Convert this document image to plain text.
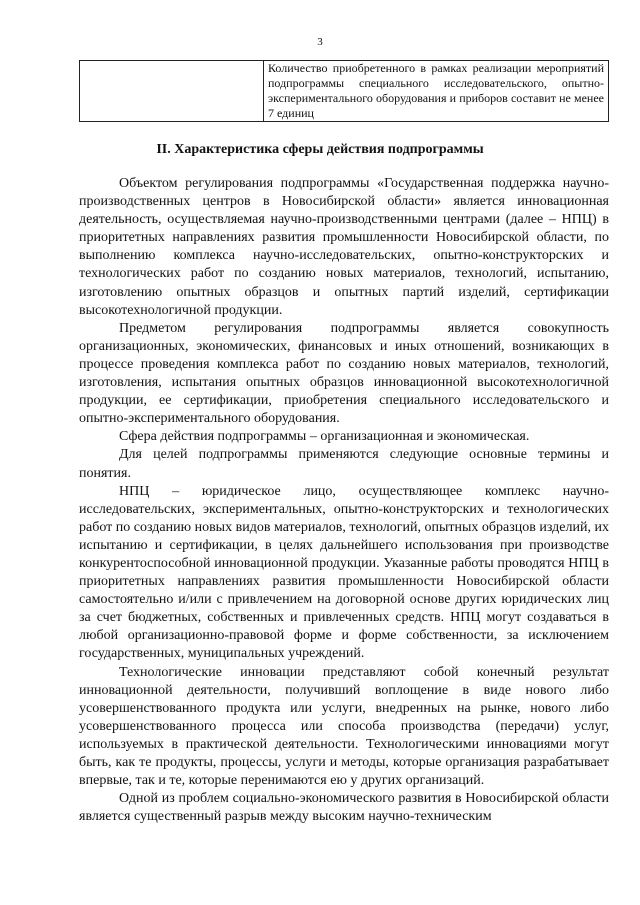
3
	Количество приобретенного в рамках реализации мероприятий подпрограммы специального исследовательского, опытно-экспериментального оборудования и приборов составит не менее 7 единиц
II. Характеристика сферы действия подпрограммы

Объектом регулирования подпрограммы «Государственная поддержка научно-производственных центров в Новосибирской области» является инновационная деятельность, осуществляемая научно-производственными центрами (далее – НПЦ) в приоритетных направлениях развития промышленности Новосибирской области, по выполнению комплекса научно-исследовательских, опытно-конструкторских и технологических работ по созданию новых материалов, технологий, испытанию, изготовлению опытных образцов и опытных партий изделий, сертификации высокотехнологичной продукции.

Предметом регулирования подпрограммы является совокупность организационных, экономических, финансовых и иных отношений, возникающих в процессе проведения комплекса работ по созданию новых материалов, технологий, изготовления, испытания опытных образцов инновационной высокотехнологичной продукции, ее сертификации, приобретения специального исследовательского и опытно-экспериментального оборудования.

Сфера действия подпрограммы – организационная и экономическая.

Для целей подпрограммы применяются следующие основные термины и понятия.

НПЦ – юридическое лицо, осуществляющее комплекс научно-исследовательских, экспериментальных, опытно-конструкторских и технологических работ по созданию новых видов материалов, технологий, опытных образцов изделий, их испытанию и сертификации, в целях дальнейшего использования при производстве конкурентоспособной инновационной продукции. Указанные работы проводятся НПЦ в приоритетных направлениях развития промышленности Новосибирской области самостоятельно и/или с привлечением на договорной основе других юридических лиц за счет бюджетных, собственных и привлеченных средств. НПЦ могут создаваться в любой организационно-правовой форме и форме собственности, за исключением государственных, муниципальных учреждений.

Технологические инновации представляют собой конечный результат инновационной деятельности, получивший воплощение в виде нового либо усовершенствованного продукта или услуги, внедренных на рынке, нового либо усовершенствованного процесса или способа производства (передачи) услуг, используемых в практической деятельности. Технологическими инновациями могут быть, как те продукты, процессы, услуги и методы, которые организация разрабатывает впервые, так и те, которые перенимаются ею у других организаций.

Одной из проблем социально-экономического развития в Новосибирской области является существенный разрыв между высоким научно-техническим
